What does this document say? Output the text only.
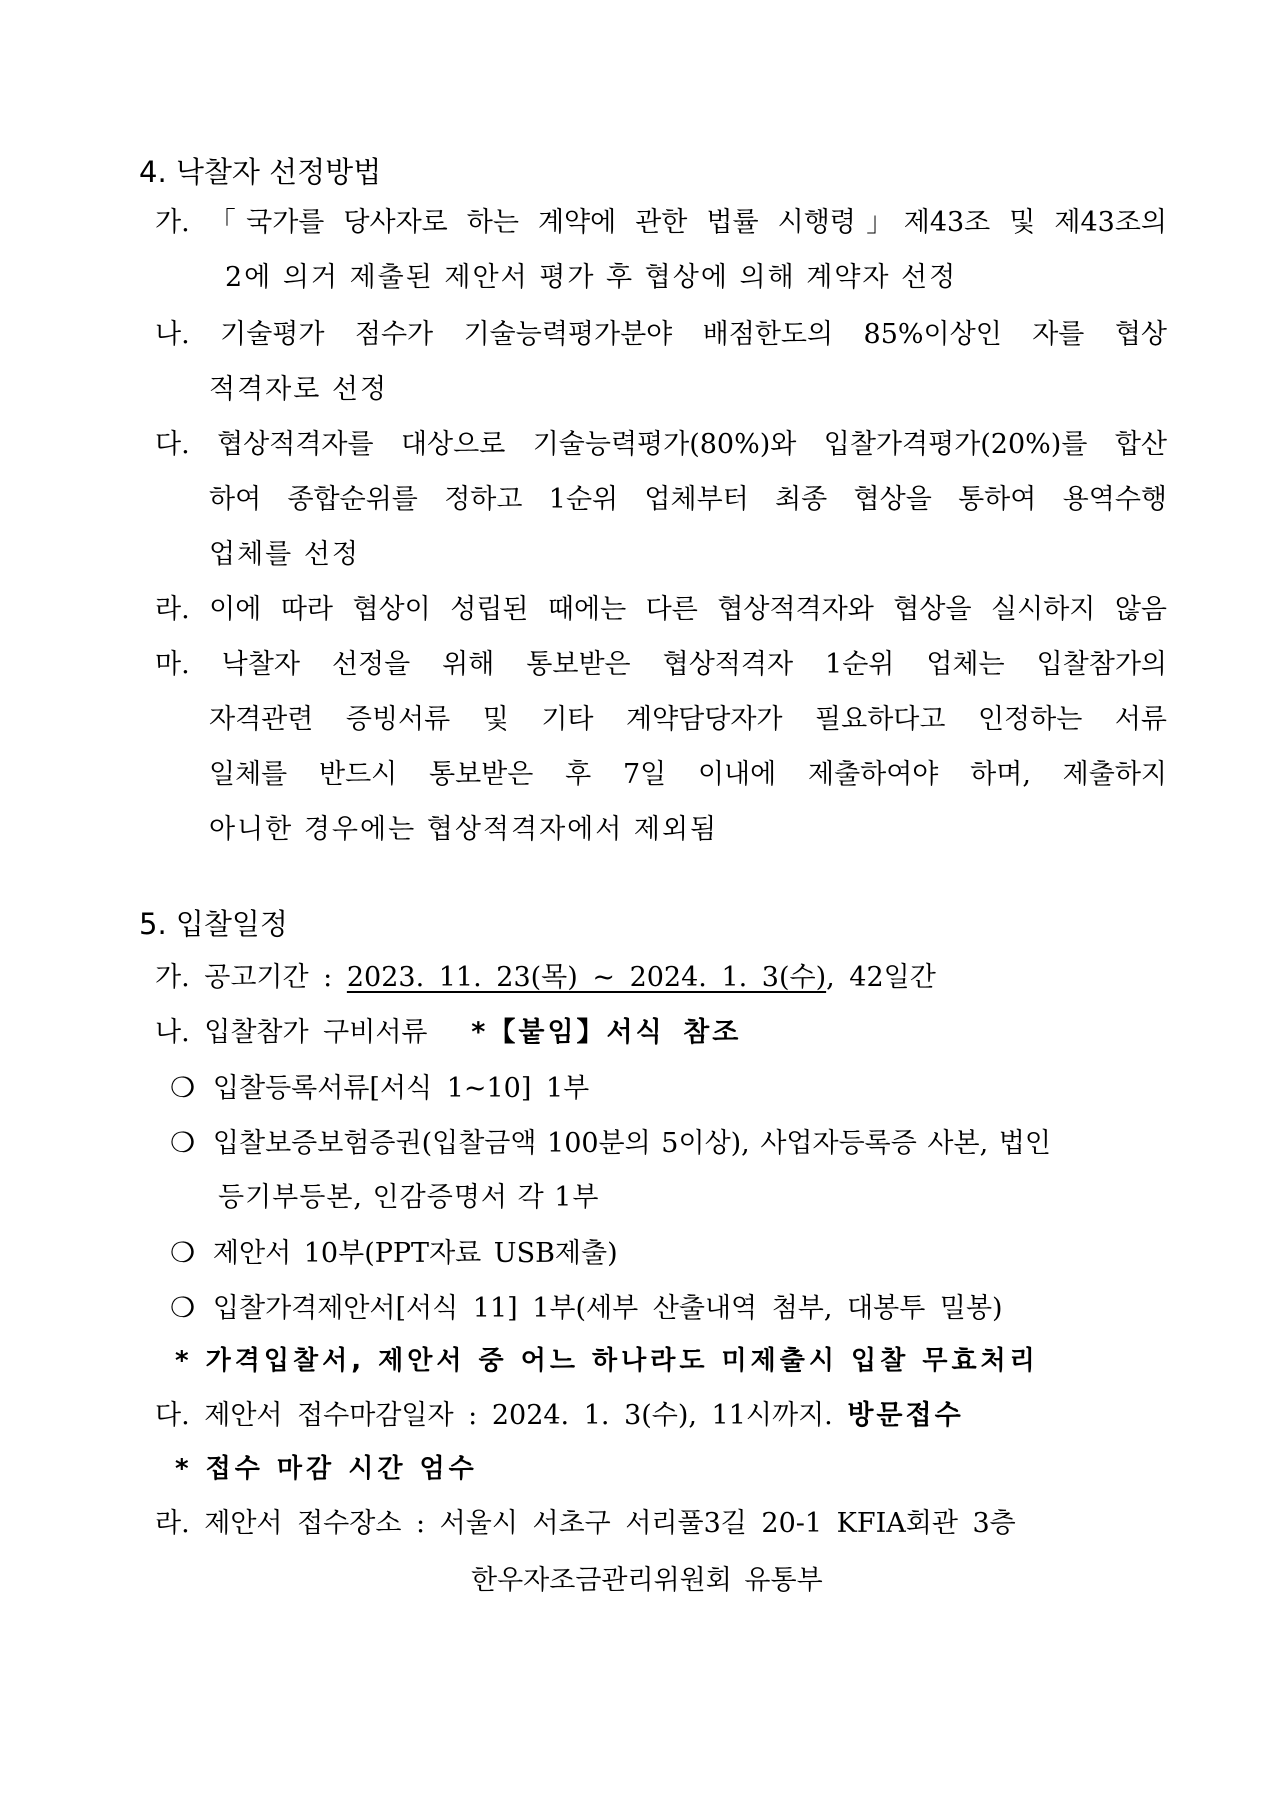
4. 낙찰자 선정방법
가. 「국가를 당사자로 하는 계약에 관한 법률 시행령」제43조 및 제43조의
2에 의거 제출된 제안서 평가 후 협상에 의해 계약자 선정
나. 기술평가 점수가 기술능력평가분야 배점한도의 85%이상인 자를 협상
적격자로 선정
다. 협상적격자를 대상으로 기술능력평가(80%)와 입찰가격평가(20%)를 합산
하여 종합순위를 정하고 1순위 업체부터 최종 협상을 통하여 용역수행
업체를 선정
라. 이에 따라 협상이 성립된 때에는 다른 협상적격자와 협상을 실시하지 않음
마. 낙찰자 선정을 위해 통보받은 협상적격자 1순위 업체는 입찰참가의
자격관련 증빙서류 및 기타 계약담당자가 필요하다고 인정하는 서류
일체를 반드시 통보받은 후 7일 이내에 제출하여야 하며, 제출하지
아니한 경우에는 협상적격자에서 제외됨
5. 입찰일정
가. 공고기간 : 2023. 11. 23(목) ~ 2024. 1. 3(수), 42일간
나. 입찰참가 구비서류 *【붙임】서식 참조
❍ 입찰등록서류[서식 1~10] 1부
❍ 입찰보증보험증권(입찰금액 100분의 5이상), 사업자등록증 사본, 법인
등기부등본, 인감증명서 각 1부
❍ 제안서 10부(PPT자료 USB제출)
❍ 입찰가격제안서[서식 11] 1부(세부 산출내역 첨부, 대봉투 밀봉)
* 가격입찰서, 제안서 중 어느 하나라도 미제출시 입찰 무효처리
다. 제안서 접수마감일자 : 2024. 1. 3(수), 11시까지. 방문접수
* 접수 마감 시간 엄수
라. 제안서 접수장소 : 서울시 서초구 서리풀3길 20-1 KFIA회관 3층
한우자조금관리위원회 유통부
